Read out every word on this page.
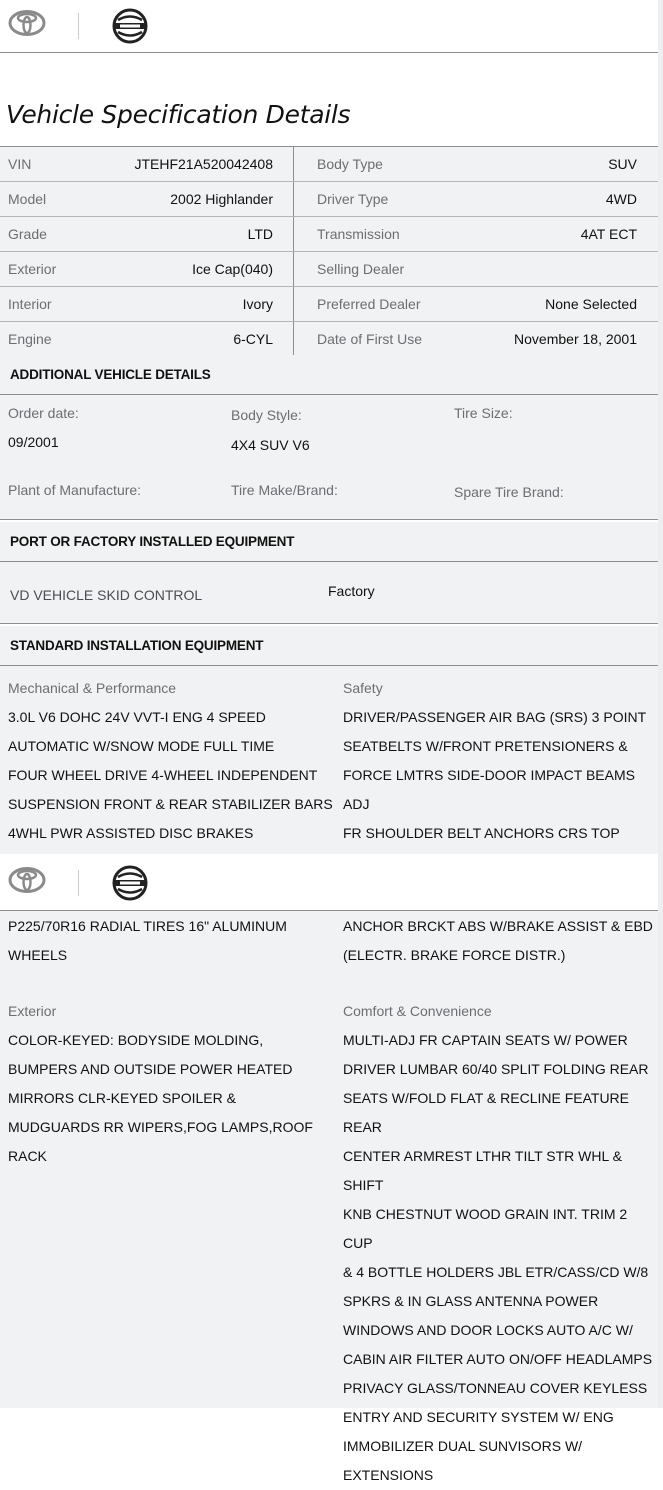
Vehicle Specification Details
VIN	JTEHF21A520042408	Body Type	SUV
Model	2002 Highlander	Driver Type	4WD
Grade	LTD	Transmission	4AT ECT
Exterior	Ice Cap(040)	Selling Dealer
Interior	Ivory	Preferred Dealer	None Selected
Engine	6-CYL	Date of First Use	November 18, 2001
ADDITIONAL VEHICLE DETAILS
Order date:
09/2001
Body Style:
4X4 SUV V6
Tire Size:
Plant of Manufacture:	Tire Make/Brand:	Spare Tire Brand:
PORT OR FACTORY INSTALLED EQUIPMENT
VD VEHICLE SKID CONTROL	Factory
STANDARD INSTALLATION EQUIPMENT
Mechanical & Performance
3.0L V6 DOHC 24V VVT-I ENG 4 SPEED
AUTOMATIC W/SNOW MODE FULL TIME
FOUR WHEEL DRIVE 4-WHEEL INDEPENDENT
SUSPENSION FRONT & REAR STABILIZER BARS
4WHL PWR ASSISTED DISC BRAKES
Safety
DRIVER/PASSENGER AIR BAG (SRS) 3 POINT
SEATBELTS W/FRONT PRETENSIONERS &
FORCE LMTRS SIDE-DOOR IMPACT BEAMS ADJ
FR SHOULDER BELT ANCHORS CRS TOP
P225/70R16 RADIAL TIRES 16" ALUMINUM
WHEELS
ANCHOR BRCKT ABS W/BRAKE ASSIST & EBD
(ELECTR. BRAKE FORCE DISTR.)
Exterior
COLOR-KEYED: BODYSIDE MOLDING,
BUMPERS AND OUTSIDE POWER HEATED
MIRRORS CLR-KEYED SPOILER &
MUDGUARDS RR WIPERS,FOG LAMPS,ROOF
RACK
Comfort & Convenience
MULTI-ADJ FR CAPTAIN SEATS W/ POWER
DRIVER LUMBAR 60/40 SPLIT FOLDING REAR
SEATS W/FOLD FLAT & RECLINE FEATURE REAR
CENTER ARMREST LTHR TILT STR WHL & SHIFT
KNB CHESTNUT WOOD GRAIN INT. TRIM 2 CUP
& 4 BOTTLE HOLDERS JBL ETR/CASS/CD W/8
SPKRS & IN GLASS ANTENNA POWER
WINDOWS AND DOOR LOCKS AUTO A/C W/
CABIN AIR FILTER AUTO ON/OFF HEADLAMPS
PRIVACY GLASS/TONNEAU COVER KEYLESS
ENTRY AND SECURITY SYSTEM W/ ENG
IMMOBILIZER DUAL SUNVISORS W/
EXTENSIONS
